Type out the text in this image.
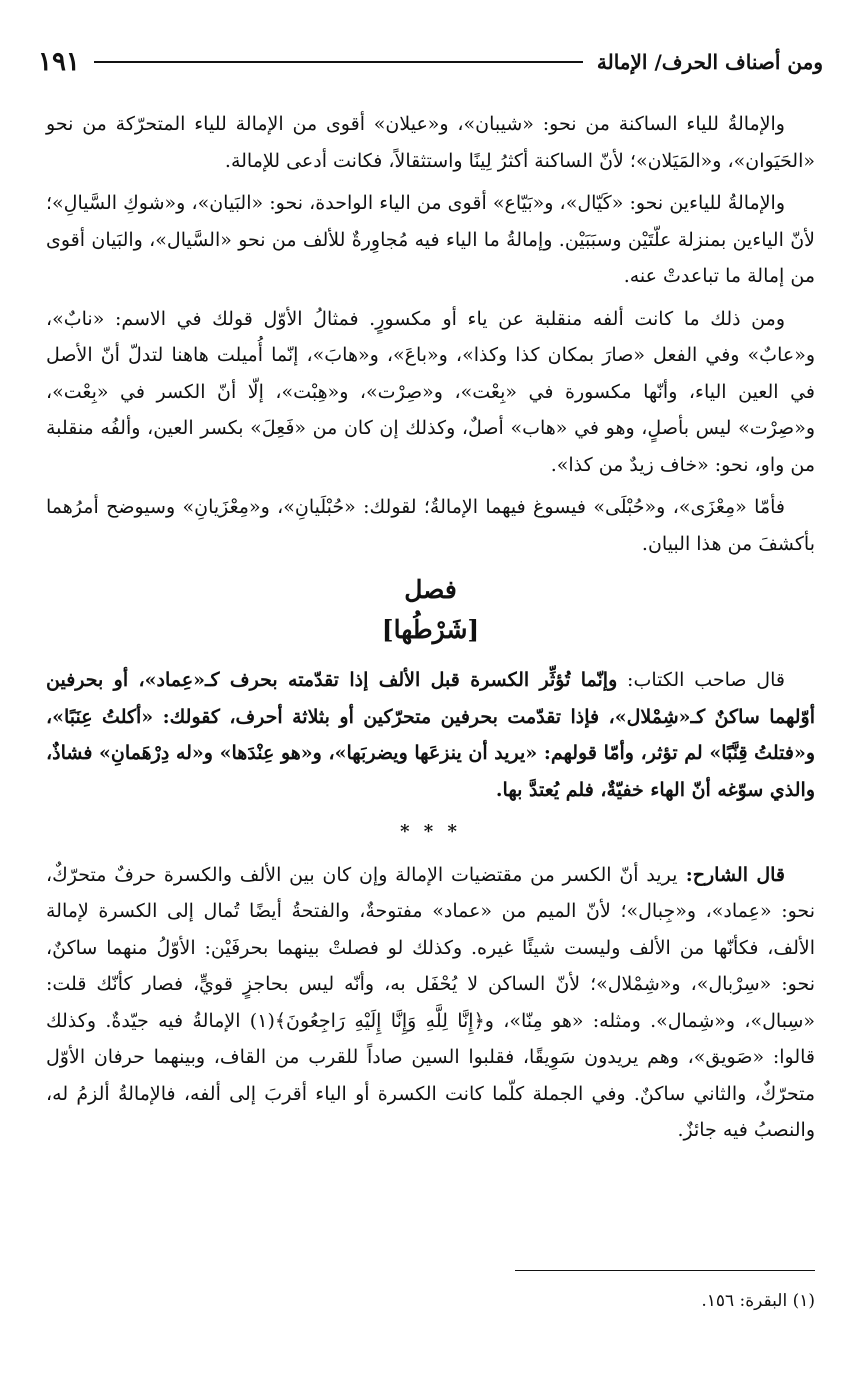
ومن أصناف الحرف/ الإمالة
١٩١

والإمالةُ للياء الساكنة من نحو: «شيبان»، و«عيلان» أقوى من الإمالة للياء المتحرّكة من نحو «الحَيَوان»، و«المَيَلان»؛ لأنّ الساكنة أكثرُ لِينًا واستثقالاً، فكانت أدعى للإمالة.

والإمالةُ للياءين نحو: «كَيّال»، و«بَيّاع» أقوى من الياء الواحدة، نحو: «البَيان»، و«شوكِ السَّيالِ»؛ لأنّ الياءين بمنزلة علّتَيْن وسبَبَيْن. وإمالةُ ما الياء فيه مُجاوِرةٌ للألف من نحو «السَّيال»، والبَيان أقوى من إمالة ما تباعدتْ عنه.

ومن ذلك ما كانت ألفه منقلبة عن ياء أو مكسورٍ. فمثالُ الأوّل قولك في الاسم: «نابٌ»، و«عابٌ» وفي الفعل «صارَ بمكان كذا وكذا»، و«باعَ»، و«هابَ»، إنّما أُميلت هاهنا لتدلّ أنّ الأصل في العين الياء، وأنّها مكسورة في «بِعْت»، و«صِرْت»، و«هِبْت»، إلّا أنّ الكسر في «بِعْت»، و«صِرْت» ليس بأصلٍ، وهو في «هاب» أصلٌ، وكذلك إن كان من «فَعِلَ» بكسر العين، وألفُه منقلبة من واو، نحو: «خاف زيدٌ من كذا».

فأمّا «مِعْزَى»، و«حُبْلَى» فيسوغ فيهما الإمالةُ؛ لقولك: «حُبْلَيانِ»، و«مِعْزَيانِ» وسيوضح أمرُهما بأكشفَ من هذا البيان.

فصل
[شَرْطُها]

قال صاحب الكتاب: وإنّما تُؤثِّر الكسرة قبل الألف إذا تقدّمته بحرف كـ«عِماد»، أو بحرفين أوّلهما ساكنٌ كـ«شِمْلال»، فإذا تقدّمت بحرفين متحرّكين أو بثلاثة أحرف، كقولك: «أكلتُ عِنَبًا»، و«فتلتُ قِنَّبًا» لم تؤثر، وأمّا قولهم: «يريد أن ينزعَها ويضربَها»، و«هو عِنْدَها» و«له دِرْهَمانِ» فشاذٌ، والذي سوّغه أنّ الهاء خفيّةٌ، فلم يُعتدَّ بها.

* * *

قال الشارح: يريد أنّ الكسر من مقتضيات الإمالة وإن كان بين الألف والكسرة حرفٌ متحرّكٌ، نحو: «عِماد»، و«جِبال»؛ لأنّ الميم من «عماد» مفتوحةٌ، والفتحةُ أيضًا تُمال إلى الكسرة لإمالة الألف، فكأنّها من الألف وليست شيئًا غيره. وكذلك لو فصلتْ بينهما بحرفَيْن: الأوّلُ منهما ساكنٌ، نحو: «سِرْبال»، و«شِمْلال»؛ لأنّ الساكن لا يُحْفَل به، وأنّه ليس بحاجزٍ قويٍّ، فصار كأنّك قلت: «سِبال»، و«شِمال». ومثله: «هو مِنّا»، و﴿إِنَّا لِلَّهِ وَإِنَّا إِلَيْهِ رَاجِعُونَ﴾(١) الإمالةُ فيه جيّدةٌ. وكذلك قالوا: «صَويق»، وهم يريدون سَوِيقًا، فقلبوا السين صاداً للقرب من القاف، وبينهما حرفان الأوّل متحرّكٌ، والثاني ساكنٌ. وفي الجملة كلّما كانت الكسرة أو الياء أقربَ إلى ألفه، فالإمالةُ ألزمُ له، والنصبُ فيه جائزٌ.

(١) البقرة: ١٥٦.
